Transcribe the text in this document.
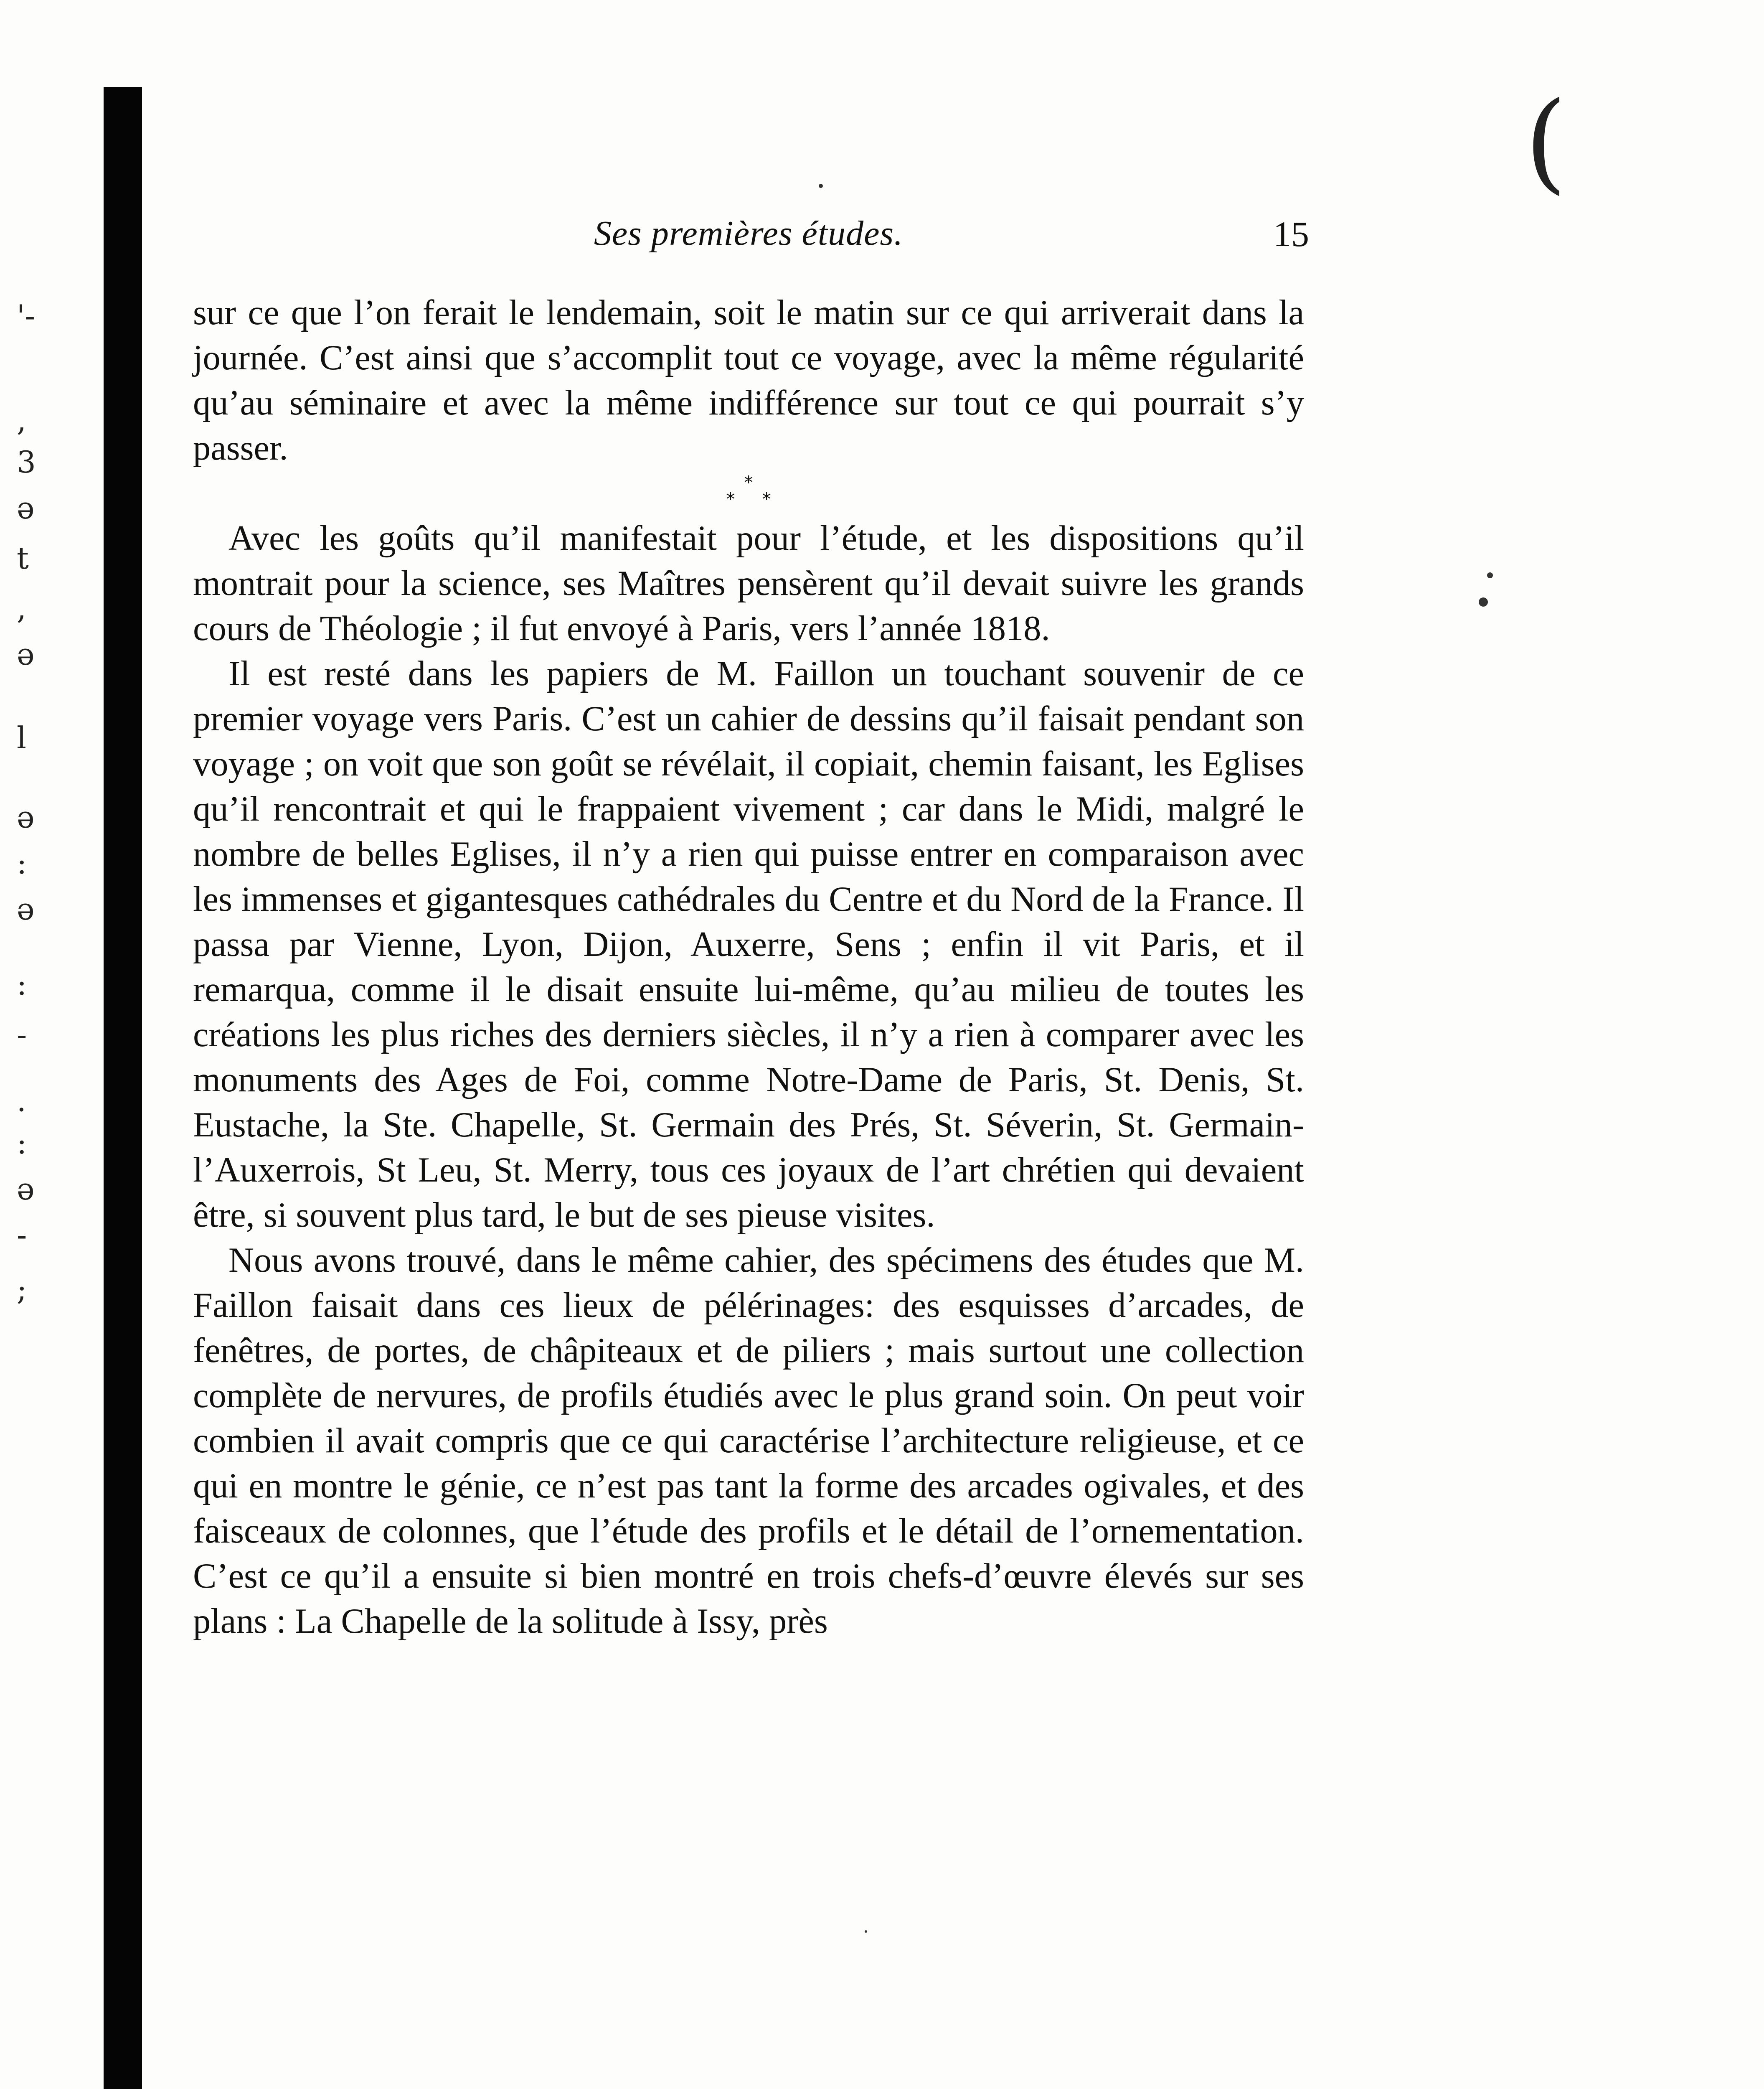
'-
,
3
ə
t
,
ə
l
ə
:
ə
:
-
·
:
ə
-
;
(
Ses premières études.	15

sur ce que l’on ferait le lendemain, soit le matin sur ce qui arriverait dans la journée. C’est ainsi que s’accomplit tout ce voyage, avec la même régularité qu’au séminaire et avec la même indifférence sur tout ce qui pourrait s’y passer.

*
* *

Avec les goûts qu’il manifestait pour l’étude, et les dispositions qu’il montrait pour la science, ses Maîtres pensèrent qu’il devait suivre les grands cours de Théologie ; il fut envoyé à Paris, vers l’année 1818.

Il est resté dans les papiers de M. Faillon un touchant souvenir de ce premier voyage vers Paris. C’est un cahier de dessins qu’il faisait pendant son voyage ; on voit que son goût se révélait, il copiait, chemin faisant, les Eglises qu’il rencontrait et qui le frappaient vivement ; car dans le Midi, malgré le nombre de belles Eglises, il n’y a rien qui puisse entrer en comparaison avec les immenses et gigantesques cathédrales du Centre et du Nord de la France. Il passa par Vienne, Lyon, Dijon, Auxerre, Sens ; enfin il vit Paris, et il remarqua, comme il le disait ensuite lui-même, qu’au milieu de toutes les créations les plus riches des derniers siècles, il n’y a rien à comparer avec les monuments des Ages de Foi, comme Notre-Dame de Paris, St. Denis, St. Eustache, la Ste. Chapelle, St. Germain des Prés, St. Séverin, St. Germain-l’Auxerrois, St Leu, St. Merry, tous ces joyaux de l’art chrétien qui devaient être, si souvent plus tard, le but de ses pieuse visites.

Nous avons trouvé, dans le même cahier, des spécimens des études que M. Faillon faisait dans ces lieux de pélérinages: des esquisses d’arcades, de fenêtres, de portes, de châpiteaux et de piliers ; mais surtout une collection complète de nervures, de profils étudiés avec le plus grand soin. On peut voir combien il avait compris que ce qui caractérise l’architecture religieuse, et ce qui en montre le génie, ce n’est pas tant la forme des arcades ogivales, et des faisceaux de colonnes, que l’étude des profils et le détail de l’ornementation. C’est ce qu’il a ensuite si bien montré en trois chefs-d’œuvre élevés sur ses plans : La Chapelle de la solitude à Issy, près
